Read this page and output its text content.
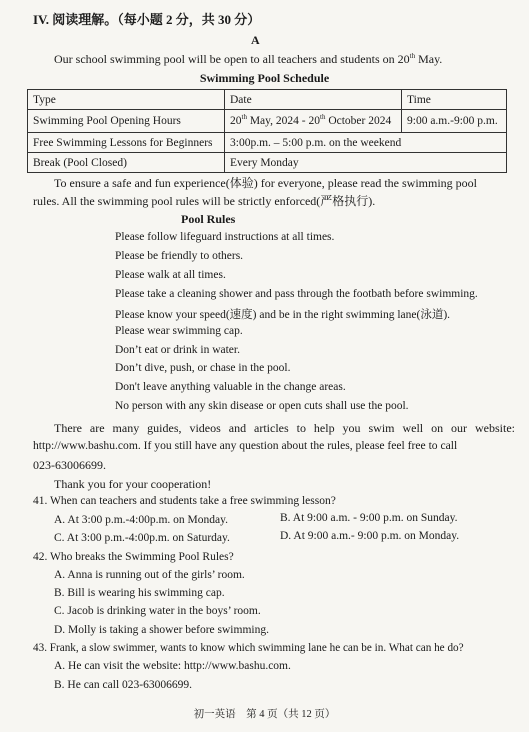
IV. 阅读理解。（每小题 2 分，共 30 分）
A
Our school swimming pool will be open to all teachers and students on 20th May.
Swimming Pool Schedule
Type	Date	Time
Swimming Pool Opening Hours	20th May, 2024 - 20th October 2024	9:00 a.m.-9:00 p.m.
Free Swimming Lessons for Beginners	3:00p.m. – 5:00 p.m. on the weekend	
Break (Pool Closed)	Every Monday	
To ensure a safe and fun experience(体验) for everyone, please read the swimming pool
rules. All the swimming pool rules will be strictly enforced(严格执行).
Pool Rules
Please follow lifeguard instructions at all times.
Please be friendly to others.
Please walk at all times.
Please take a cleaning shower and pass through the footbath before swimming.
Please know your speed(速度) and be in the right swimming lane(泳道).
Please wear swimming cap.
Don’t eat or drink in water.
Don’t dive, push, or chase in the pool.
Don't leave anything valuable in the change areas.
No person with any skin disease or open cuts shall use the pool.
There are many guides, videos and articles to help you swim well on our website:
http://www.bashu.com. If you still have any question about the rules, please feel free to call
023-63006699.
Thank you for your cooperation!
41. When can teachers and students take a free swimming lesson?
A. At 3:00 p.m.-4:00p.m. on Monday.	B. At 9:00 a.m. - 9:00 p.m. on Sunday.
C. At 3:00 p.m.-4:00p.m. on Saturday.	D. At 9:00 a.m.- 9:00 p.m. on Monday.
42. Who breaks the Swimming Pool Rules?
A. Anna is running out of the girls’ room.
B. Bill is wearing his swimming cap.
C. Jacob is drinking water in the boys’ room.
D. Molly is taking a shower before swimming.
43. Frank, a slow swimmer, wants to know which swimming lane he can be in. What can he do?
A. He can visit the website: http://www.bashu.com.
B. He can call 023-63006699.
初一英语　第 4 页（共 12 页）
